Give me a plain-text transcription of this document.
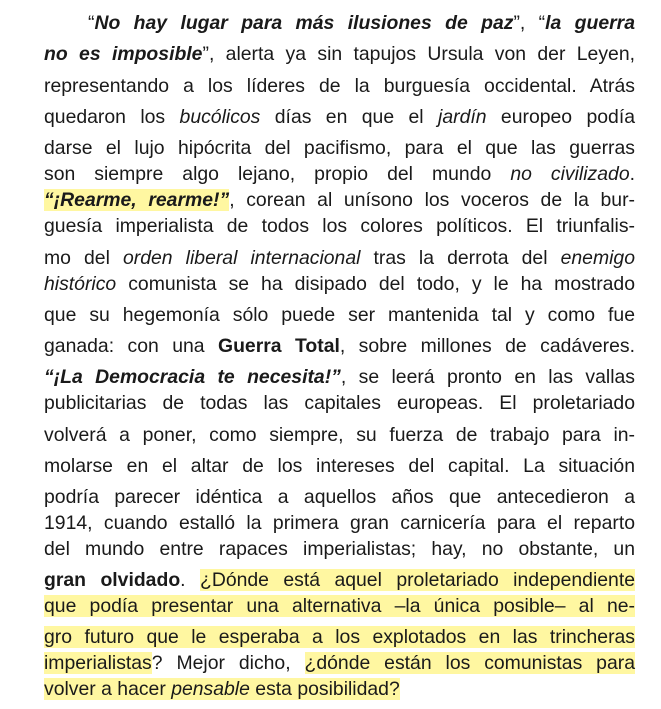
“No hay lugar para más ilusiones de paz”, “la guerra
no es imposible”, alerta ya sin tapujos Ursula von der Leyen,
representando a los líderes de la burguesía occidental. Atrás
quedaron los bucólicos días en que el jardín europeo podía
darse el lujo hipócrita del pacifismo, para el que las guerras
son siempre algo lejano, propio del mundo no civilizado.
“¡Rearme, rearme!”, corean al unísono los voceros de la bur-
guesía imperialista de todos los colores políticos. El triunfalis-
mo del orden liberal internacional tras la derrota del enemigo
histórico comunista se ha disipado del todo, y le ha mostrado
que su hegemonía sólo puede ser mantenida tal y como fue
ganada: con una Guerra Total, sobre millones de cadáveres.
“¡La Democracia te necesita!”, se leerá pronto en las vallas
publicitarias de todas las capitales europeas. El proletariado
volverá a poner, como siempre, su fuerza de trabajo para in-
molarse en el altar de los intereses del capital. La situación
podría parecer idéntica a aquellos años que antecedieron a
1914, cuando estalló la primera gran carnicería para el reparto
del mundo entre rapaces imperialistas; hay, no obstante, un
gran olvidado. ¿Dónde está aquel proletariado independiente
que podía presentar una alternativa –la única posible– al ne-
gro futuro que le esperaba a los explotados en las trincheras
imperialistas? Mejor dicho, ¿dónde están los comunistas para
volver a hacer pensable esta posibilidad?
